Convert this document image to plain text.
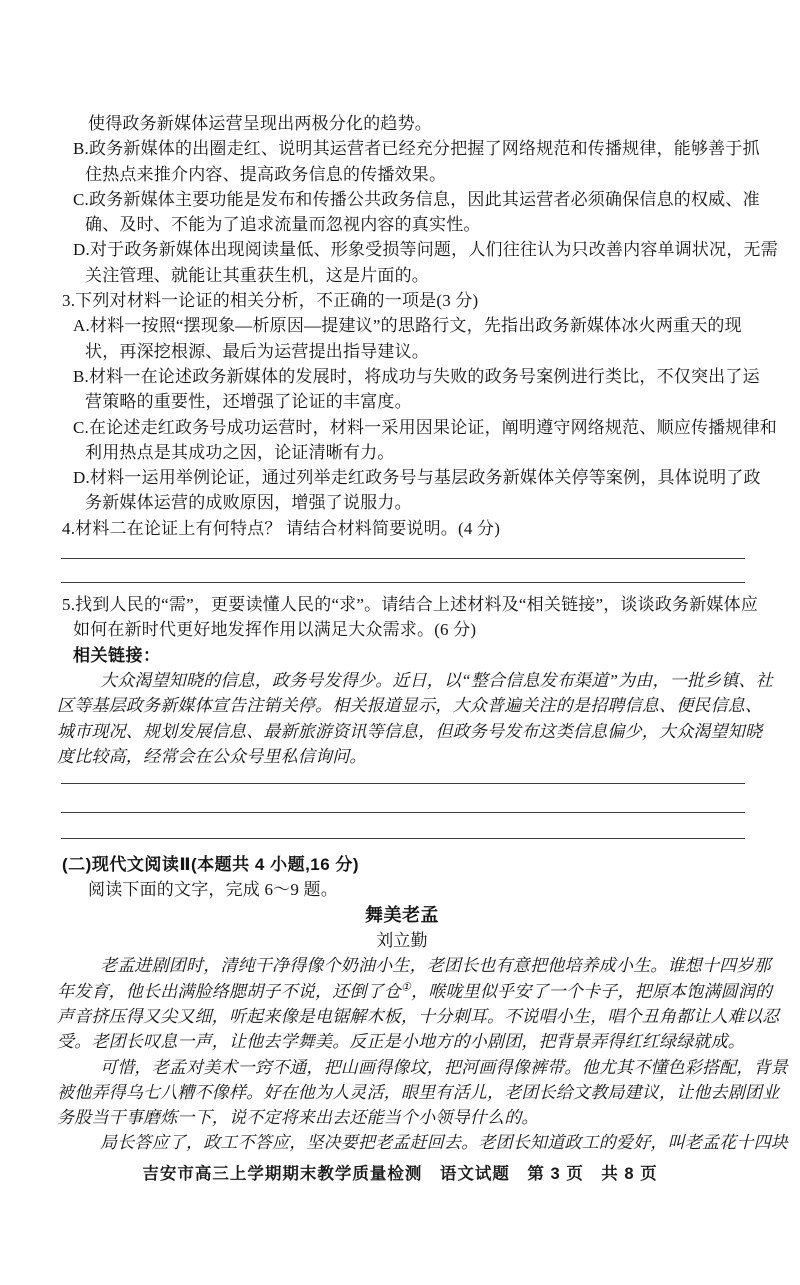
使得政务新媒体运营呈现出两极分化的趋势。
B.政务新媒体的出圈走红、说明其运营者已经充分把握了网络规范和传播规律，能够善于抓
住热点来推介内容、提高政务信息的传播效果。
C.政务新媒体主要功能是发布和传播公共政务信息，因此其运营者必须确保信息的权威、准
确、及时、不能为了追求流量而忽视内容的真实性。
D.对于政务新媒体出现阅读量低、形象受损等问题，人们往往认为只改善内容单调状况，无需
关注管理、就能让其重获生机，这是片面的。
3.下列对材料一论证的相关分析，不正确的一项是(3 分)
A.材料一按照“摆现象—析原因—提建议”的思路行文，先指出政务新媒体冰火两重天的现
状，再深挖根源、最后为运营提出指导建议。
B.材料一在论述政务新媒体的发展时，将成功与失败的政务号案例进行类比，不仅突出了运
营策略的重要性，还增强了论证的丰富度。
C.在论述走红政务号成功运营时，材料一采用因果论证，阐明遵守网络规范、顺应传播规律和
利用热点是其成功之因，论证清晰有力。
D.材料一运用举例论证，通过列举走红政务号与基层政务新媒体关停等案例，具体说明了政
务新媒体运营的成败原因，增强了说服力。
4.材料二在论证上有何特点？ 请结合材料简要说明。(4 分)
5.找到人民的“需”，更要读懂人民的“求”。请结合上述材料及“相关链接”，谈谈政务新媒体应
如何在新时代更好地发挥作用以满足大众需求。(6 分)
相关链接：
大众渴望知晓的信息，政务号发得少。近日，以“整合信息发布渠道”为由，一批乡镇、社
区等基层政务新媒体宣告注销关停。相关报道显示，大众普遍关注的是招聘信息、便民信息、
城市现况、规划发展信息、最新旅游资讯等信息，但政务号发布这类信息偏少，大众渴望知晓
度比较高，经常会在公众号里私信询问。
(二)现代文阅读Ⅱ(本题共 4 小题,16 分)
阅读下面的文字，完成 6～9 题。
舞美老孟
刘立勤
老孟进剧团时，清纯干净得像个奶油小生，老团长也有意把他培养成小生。谁想十四岁那
年发育，他长出满脸络腮胡子不说，还倒了仓①，喉咙里似乎安了一个卡子，把原本饱满圆润的
声音挤压得又尖又细，听起来像是电锯解木板，十分刺耳。不说唱小生，唱个丑角都让人难以忍
受。老团长叹息一声，让他去学舞美。反正是小地方的小剧团，把背景弄得红红绿绿就成。
可惜，老孟对美术一窍不通，把山画得像坟，把河画得像裤带。他尤其不懂色彩搭配，背景
被他弄得乌七八糟不像样。好在他为人灵活，眼里有活儿，老团长给文教局建议，让他去剧团业
务股当干事磨炼一下，说不定将来出去还能当个小领导什么的。
局长答应了，政工不答应，坚决要把老孟赶回去。老团长知道政工的爱好，叫老孟花十四块
吉安市高三上学期期末教学质量检测　语文试题　第 3 页　共 8 页
